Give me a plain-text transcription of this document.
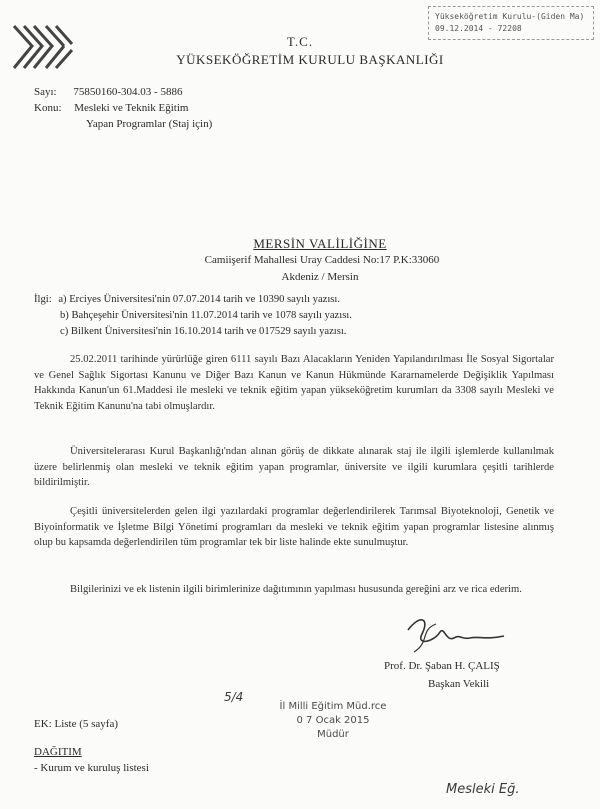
Yükseköğretim Kurulu-(Giden Ma)
09.12.2014 - 72208
T.C.
YÜKSEKÖĞRETİM KURULU BAŞKANLIĞI
Sayı: 75850160-304.03 - 5886
Konu: Mesleki ve Teknik Eğitim
Yapan Programlar (Staj için)
MERSİN VALİLİĞİNE
Camiişerif Mahallesi Uray Caddesi No:17 P.K:33060
Akdeniz / Mersin
İlgi: a) Erciyes Üniversitesi'nin 07.07.2014 tarih ve 10390 sayılı yazısı.
b) Bahçeşehir Üniversitesi'nin 11.07.2014 tarih ve 1078 sayılı yazısı.
c) Bilkent Üniversitesi'nin 16.10.2014 tarih ve 017529 sayılı yazısı.
25.02.2011 tarihinde yürürlüğe giren 6111 sayılı Bazı Alacakların Yeniden Yapılandırılması İle Sosyal Sigortalar ve Genel Sağlık Sigortası Kanunu ve Diğer Bazı Kanun ve Kanun Hükmünde Kararnamelerde Değişiklik Yapılması Hakkında Kanun'un 61.Maddesi ile mesleki ve teknik eğitim yapan yükseköğretim kurumları da 3308 sayılı Mesleki ve Teknik Eğitim Kanunu'na tabi olmuşlardır.
Üniversitelerarası Kurul Başkanlığı'ndan alınan görüş de dikkate alınarak staj ile ilgili işlemlerde kullanılmak üzere belirlenmiş olan mesleki ve teknik eğitim yapan programlar, üniversite ve ilgili kurumlara çeşitli tarihlerde bildirilmiştir.
Çeşitli üniversitelerden gelen ilgi yazılardaki programlar değerlendirilerek Tarımsal Biyoteknoloji, Genetik ve Biyoinformatik ve İşletme Bilgi Yönetimi programları da mesleki ve teknik eğitim yapan programlar listesine alınmış olup bu kapsamda değerlendirilen tüm programlar tek bir liste halinde ekte sunulmuştur.
Bilgilerinizi ve ek listenin ilgili birimlerinize dağıtımının yapılması hususunda gereğini arz ve rica ederim.
Prof. Dr. Şaban H. ÇALIŞ
Başkan Vekili
5/4
İl Milli Eğitim Müd.rce
0 7 Ocak 2015
Müdür
EK: Liste (5 sayfa)
DAĞITIM
- Kurum ve kuruluş listesi
Mesleki Eğ.
